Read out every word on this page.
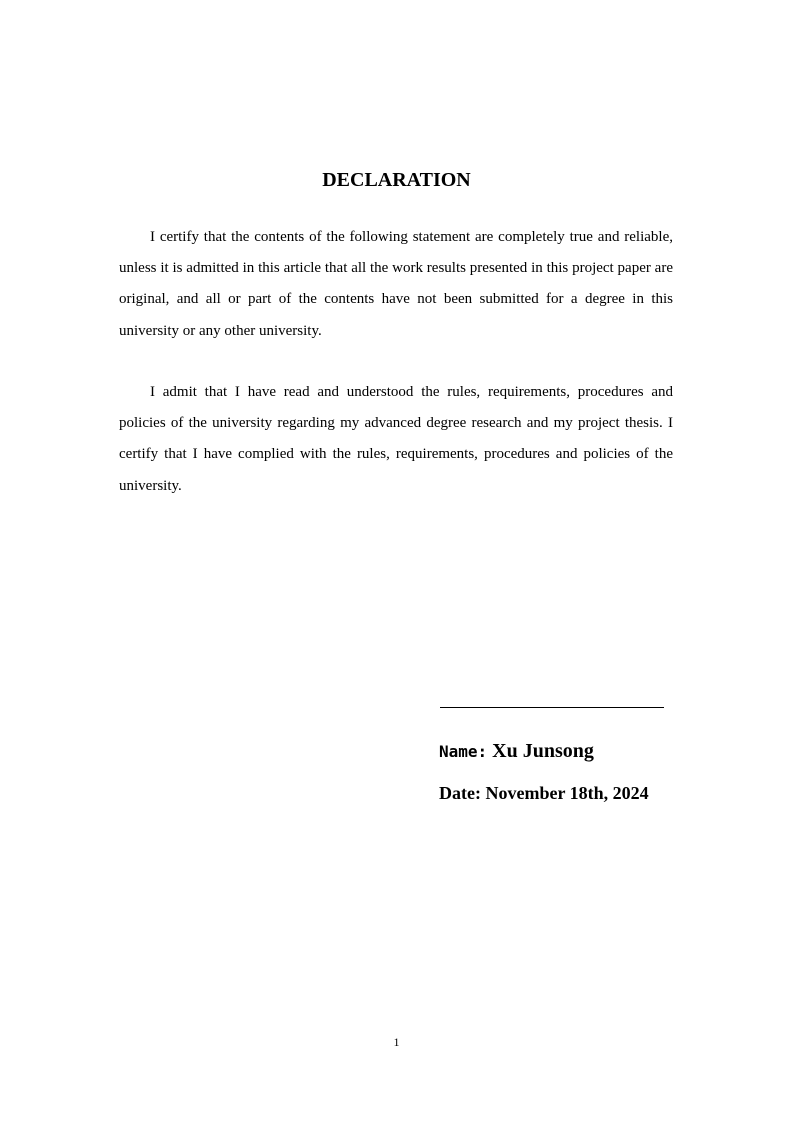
DECLARATION

I certify that the contents of the following statement are completely true and reliable, unless it is admitted in this article that all the work results presented in this project paper are original, and all or part of the contents have not been submitted for a degree in this university or any other university.

I admit that I have read and understood the rules, requirements, procedures and policies of the university regarding my advanced degree research and my project thesis. I certify that I have complied with the rules, requirements, procedures and policies of the university.

Name: Xu Junsong
Date: November 18th, 2024
1
